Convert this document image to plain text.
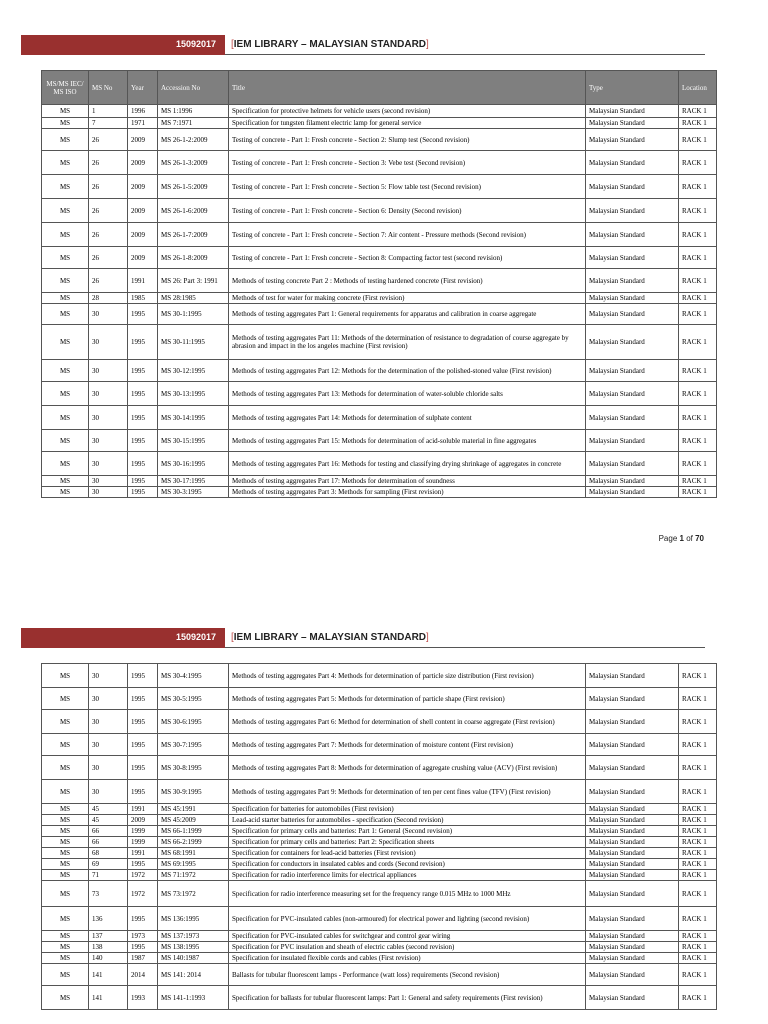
15092017 [IEM LIBRARY – MALAYSIAN STANDARD]
MS/MS IEC/ MS ISO	MS No	Year	Accession No	Title	Type	Location
MS	1	1996	MS 1:1996	Specification for protective helmets for vehicle users (second revision)	Malaysian Standard	RACK 1
MS	7	1971	MS 7:1971	Specification for tungsten filament electric lamp for general service	Malaysian Standard	RACK 1
MS	26	2009	MS 26-1-2:2009	Testing of concrete - Part 1: Fresh concrete - Section 2: Slump test (Second revision)	Malaysian Standard	RACK 1
MS	26	2009	MS 26-1-3:2009	Testing of concrete - Part 1: Fresh concrete - Section 3: Vebe test (Second revision)	Malaysian Standard	RACK 1
MS	26	2009	MS 26-1-5:2009	Testing of concrete - Part 1: Fresh concrete - Section 5: Flow table test (Second revision)	Malaysian Standard	RACK 1
MS	26	2009	MS 26-1-6:2009	Testing of concrete - Part 1: Fresh concrete - Section 6: Density (Second revision)	Malaysian Standard	RACK 1
MS	26	2009	MS 26-1-7:2009	Testing of concrete - Part 1: Fresh concrete - Section 7: Air content - Pressure methods (Second revision)	Malaysian Standard	RACK 1
MS	26	2009	MS 26-1-8:2009	Testing of concrete - Part 1: Fresh concrete - Section 8: Compacting factor test (second revision)	Malaysian Standard	RACK 1
MS	26	1991	MS 26: Part 3: 1991	Methods of testing concrete Part 2 : Methods of testing hardened concrete (First revision)	Malaysian Standard	RACK 1
MS	28	1985	MS 28:1985	Methods of test for water for making concrete (First revision)	Malaysian Standard	RACK 1
MS	30	1995	MS 30-1:1995	Methods of testing aggregates Part 1: General requirements for apparatus and calibration in coarse aggregate	Malaysian Standard	RACK 1
MS	30	1995	MS 30-11:1995	Methods of testing aggregates Part 11: Methods of the determination of resistance to degradation of course aggregate by abrasion and impact in the los angeles machine (First revision)	Malaysian Standard	RACK 1
MS	30	1995	MS 30-12:1995	Methods of testing aggregates Part 12: Methods for the determination of the polished-stoned value (First revision)	Malaysian Standard	RACK 1
MS	30	1995	MS 30-13:1995	Methods of testing aggregates Part 13: Methods for determination of water-soluble chloride salts	Malaysian Standard	RACK 1
MS	30	1995	MS 30-14:1995	Methods of testing aggregates Part 14: Methods for determination of sulphate content	Malaysian Standard	RACK 1
MS	30	1995	MS 30-15:1995	Methods of testing aggregates Part 15: Methods for determination of acid-soluble material in fine aggregates	Malaysian Standard	RACK 1
MS	30	1995	MS 30-16:1995	Methods of testing aggregates Part 16: Methods for testing and classifying drying shrinkage of aggregates in concrete	Malaysian Standard	RACK 1
MS	30	1995	MS 30-17:1995	Methods of testing aggregates Part 17: Methods for determination of soundness	Malaysian Standard	RACK 1
MS	30	1995	MS 30-3:1995	Methods of testing aggregates Part 3: Methods for sampling (First revision)	Malaysian Standard	RACK 1
Page 1 of 70
15092017 [IEM LIBRARY – MALAYSIAN STANDARD]
MS	30	1995	MS 30-4:1995	Methods of testing aggregates Part 4: Methods for determination of particle size distribution (First revision)	Malaysian Standard	RACK 1
MS	30	1995	MS 30-5:1995	Methods of testing aggregates Part 5: Methods for determination of particle shape (First revision)	Malaysian Standard	RACK 1
MS	30	1995	MS 30-6:1995	Methods of testing aggregates Part 6: Method for determination of shell content in coarse aggregate (First revision)	Malaysian Standard	RACK 1
MS	30	1995	MS 30-7:1995	Methods of testing aggregates Part 7: Methods for determination of moisture content (First revision)	Malaysian Standard	RACK 1
MS	30	1995	MS 30-8:1995	Methods of testing aggregates Part 8: Methods for determination of aggregate crushing value (ACV) (First revision)	Malaysian Standard	RACK 1
MS	30	1995	MS 30-9:1995	Methods of testing aggregates Part 9: Methods for determination of ten per cent fines value (TFV) (First revision)	Malaysian Standard	RACK 1
MS	45	1991	MS 45:1991	Specification for batteries for automobiles (First revision)	Malaysian Standard	RACK 1
MS	45	2009	MS 45:2009	Lead-acid starter batteries for automobiles - specification (Second revision)	Malaysian Standard	RACK 1
MS	66	1999	MS 66-1:1999	Specification for primary cells and batteries: Part 1: General (Second revision)	Malaysian Standard	RACK 1
MS	66	1999	MS 66-2:1999	Specification for primary cells and batteries: Part 2: Specification sheets	Malaysian Standard	RACK 1
MS	68	1991	MS 68:1991	Specification for containers for lead-acid batteries (First revision)	Malaysian Standard	RACK 1
MS	69	1995	MS 69:1995	Specification for conductors in insulated cables and cords (Second revision)	Malaysian Standard	RACK 1
MS	71	1972	MS 71:1972	Specification for radio interference limits for electrical appliances	Malaysian Standard	RACK 1
MS	73	1972	MS 73:1972	Specification for radio interference measuring set for the frequency range 0.015 MHz to 1000 MHz	Malaysian Standard	RACK 1
MS	136	1995	MS 136:1995	Specification for PVC-insulated cables (non-armoured) for electrical power and lighting (second revision)	Malaysian Standard	RACK 1
MS	137	1973	MS 137:1973	Specification for PVC-insulated cables for switchgear and control gear wiring	Malaysian Standard	RACK 1
MS	138	1995	MS 138:1995	Specification for PVC insulation and sheath of electric cables (second revision)	Malaysian Standard	RACK 1
MS	140	1987	MS 140:1987	Specification for insulated flexible cords and cables (First revision)	Malaysian Standard	RACK 1
MS	141	2014	MS 141: 2014	Ballasts for tubular fluorescent lamps - Performance (watt loss) requirements (Second revision)	Malaysian Standard	RACK 1
MS	141	1993	MS 141-1:1993	Specification for ballasts for tubular fluorescent lamps: Part 1: General and safety requirements (First revision)	Malaysian Standard	RACK 1
